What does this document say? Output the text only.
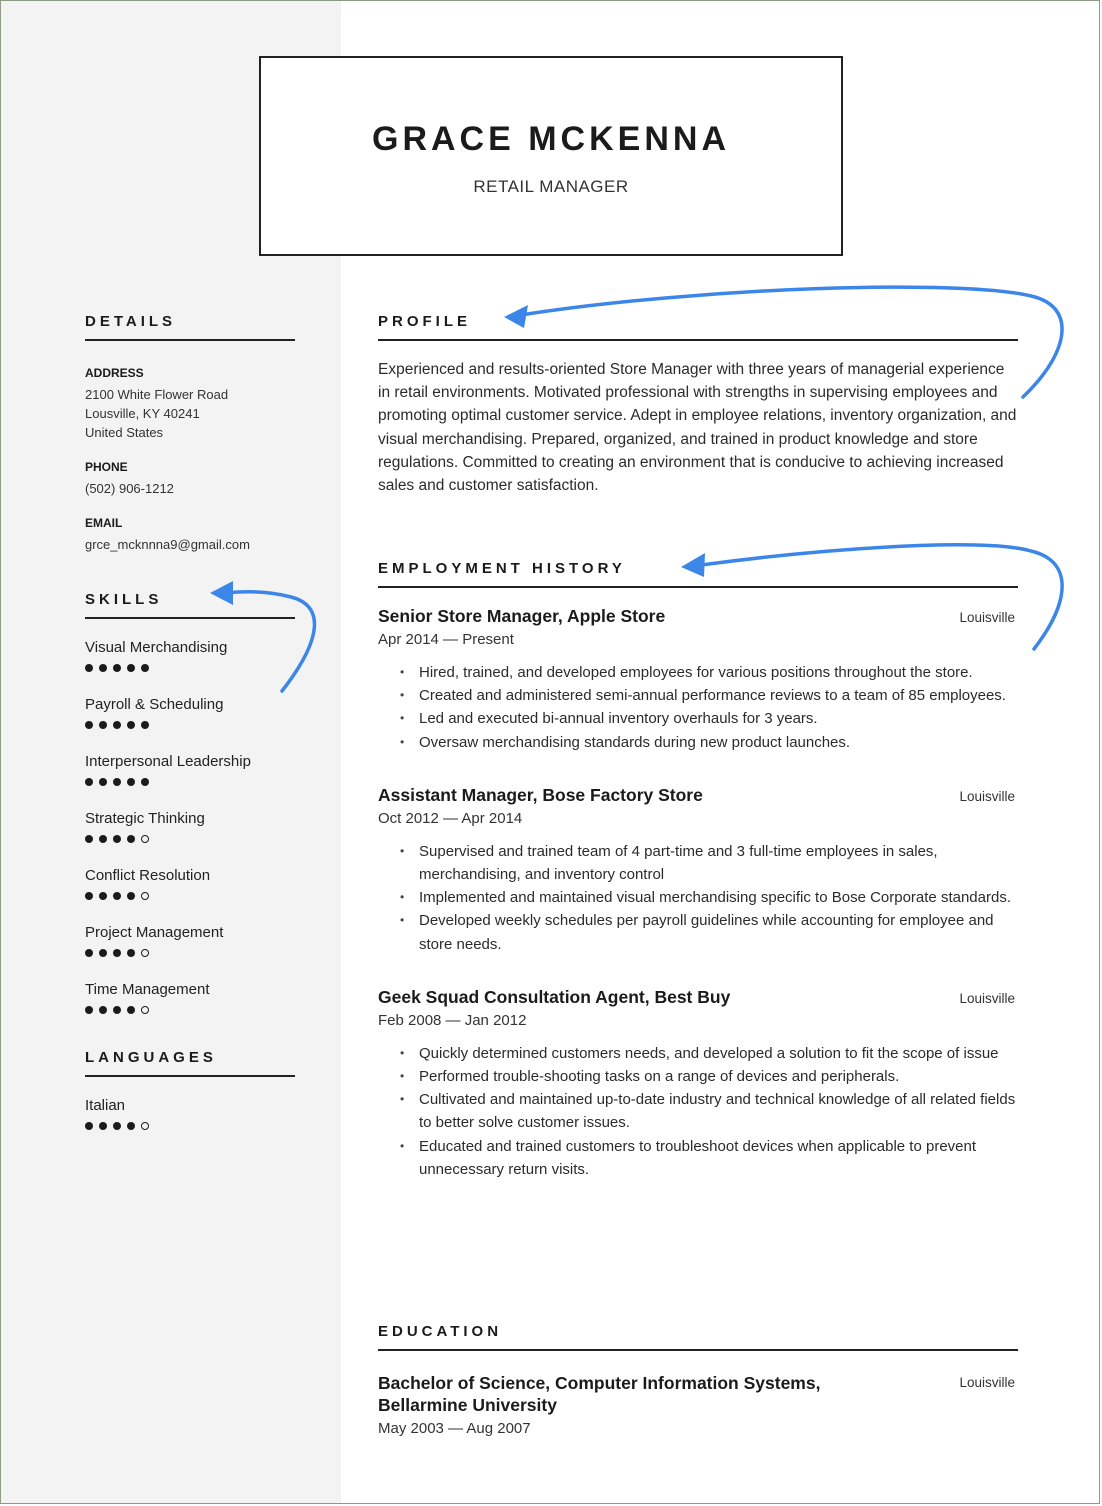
GRACE MCKENNA
RETAIL MANAGER
DETAILS
ADDRESS
2100 White Flower Road
Lousville, KY 40241
United States
PHONE
(502) 906-1212
EMAIL
grce_mcknnna9@gmail.com
SKILLS
Visual Merchandising
Payroll & Scheduling
Interpersonal Leadership
Strategic Thinking
Conflict Resolution
Project Management
Time Management
LANGUAGES
Italian
PROFILE
Experienced and results-oriented Store Manager with three years of managerial experience in retail environments. Motivated professional with strengths in supervising employees and promoting optimal customer service. Adept in employee relations, inventory organization, and visual merchandising. Prepared, organized, and trained in product knowledge and store regulations. Committed to creating an environment that is conducive to achieving increased sales and customer satisfaction.
EMPLOYMENT HISTORY
Senior Store Manager, Apple Store	Louisville
Apr 2014 — Present
• Hired, trained, and developed employees for various positions throughout the store.
• Created and administered semi-annual performance reviews to a team of 85 employees.
• Led and executed bi-annual inventory overhauls for 3 years.
• Oversaw merchandising standards during new product launches.
Assistant Manager, Bose Factory Store	Louisville
Oct 2012 — Apr 2014
• Supervised and trained team of 4 part-time and 3 full-time employees in sales, merchandising, and inventory control
• Implemented and maintained visual merchandising specific to Bose Corporate standards.
• Developed weekly schedules per payroll guidelines while accounting for employee and store needs.
Geek Squad Consultation Agent, Best Buy	Louisville
Feb 2008 — Jan 2012
• Quickly determined customers needs, and developed a solution to fit the scope of issue
• Performed trouble-shooting tasks on a range of devices and peripherals.
• Cultivated and maintained up-to-date industry and technical knowledge of all related fields to better solve customer issues.
• Educated and trained customers to troubleshoot devices when applicable to prevent unnecessary return visits.
EDUCATION
Bachelor of Science, Computer Information Systems, Bellarmine University
Louisville
May 2003 — Aug 2007
